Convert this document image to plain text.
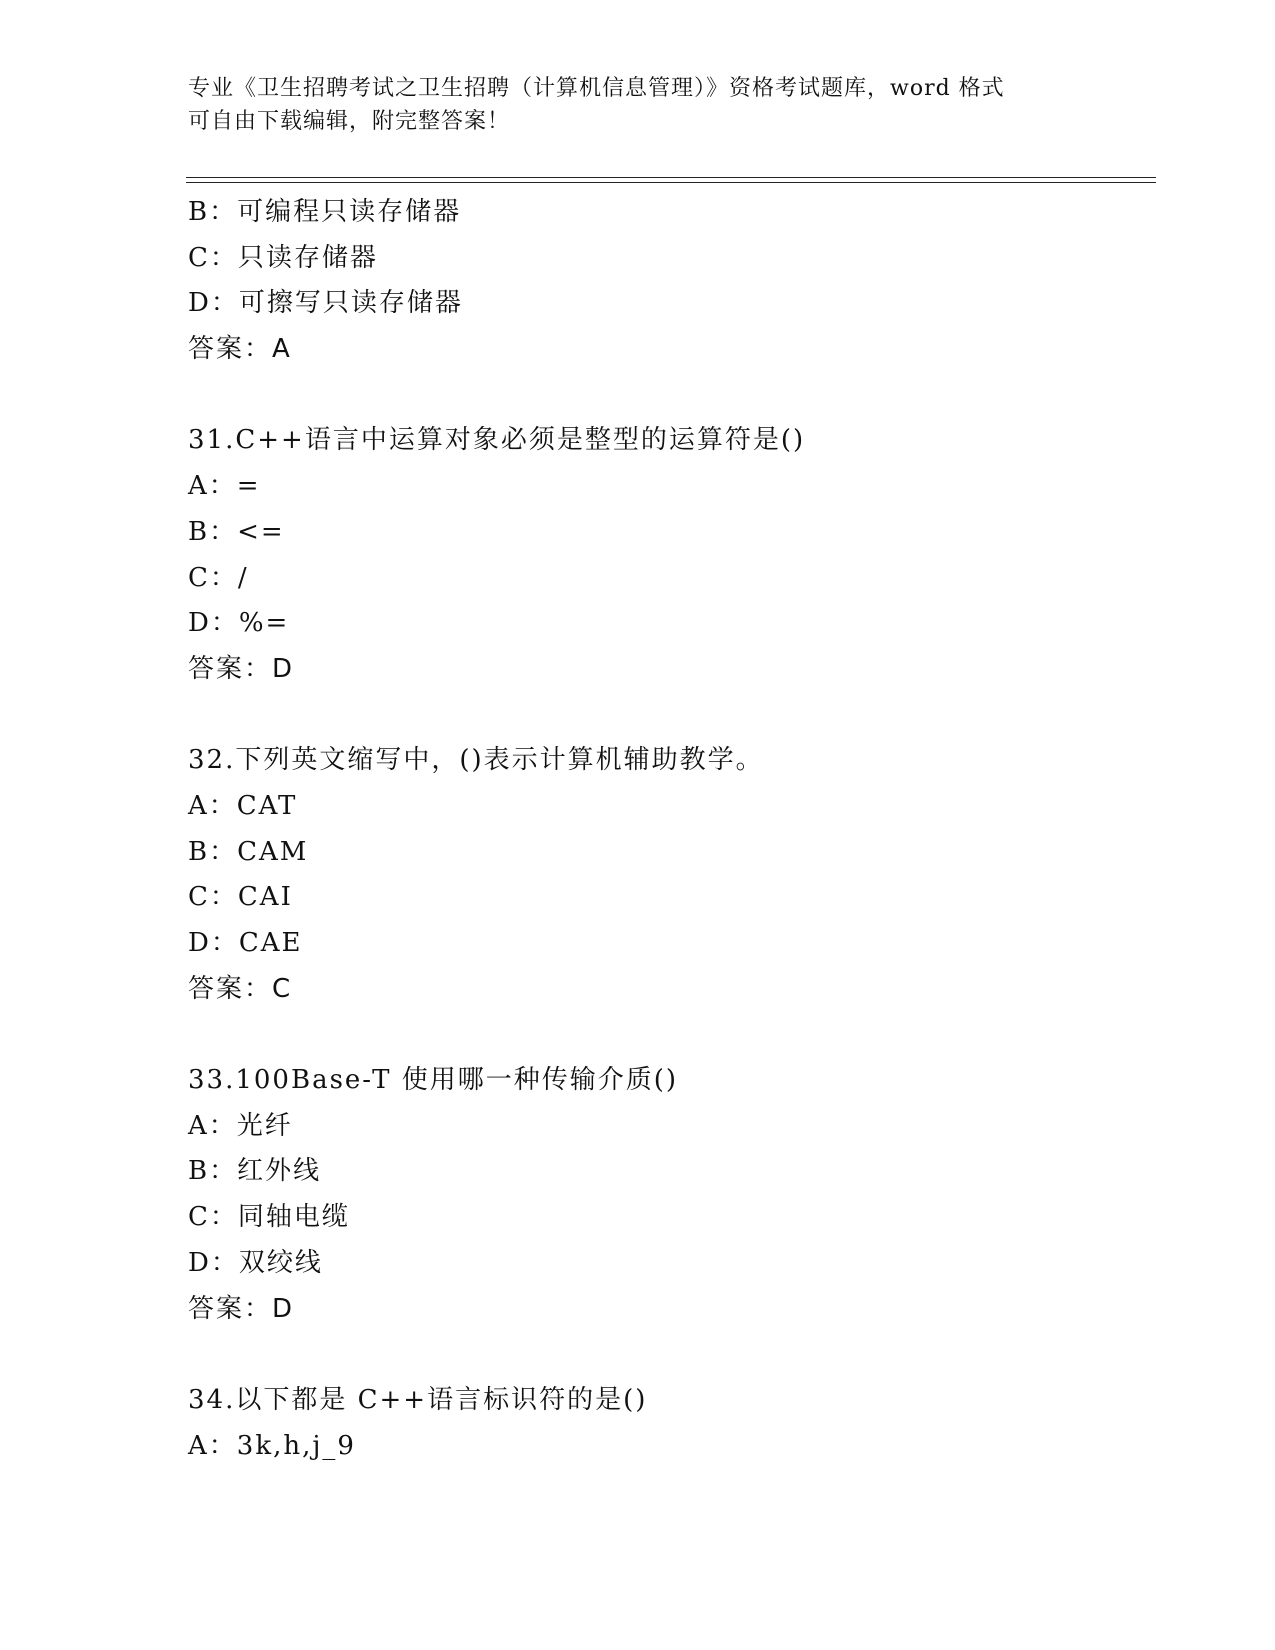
专业《卫生招聘考试之卫生招聘（计算机信息管理）》资格考试题库，word 格式
可自由下载编辑，附完整答案！
B：可编程只读存储器
C：只读存储器
D：可擦写只读存储器
答案：A
31.C++语言中运算对象必须是整型的运算符是()
A：=
B：<=
C：/
D：%=
答案：D
32.下列英文缩写中，()表示计算机辅助教学。
A：CAT
B：CAM
C：CAI
D：CAE
答案：C
33.100Base-T 使用哪一种传输介质()
A：光纤
B：红外线
C：同轴电缆
D：双绞线
答案：D
34.以下都是 C++语言标识符的是()
A：3k,h,j_9
